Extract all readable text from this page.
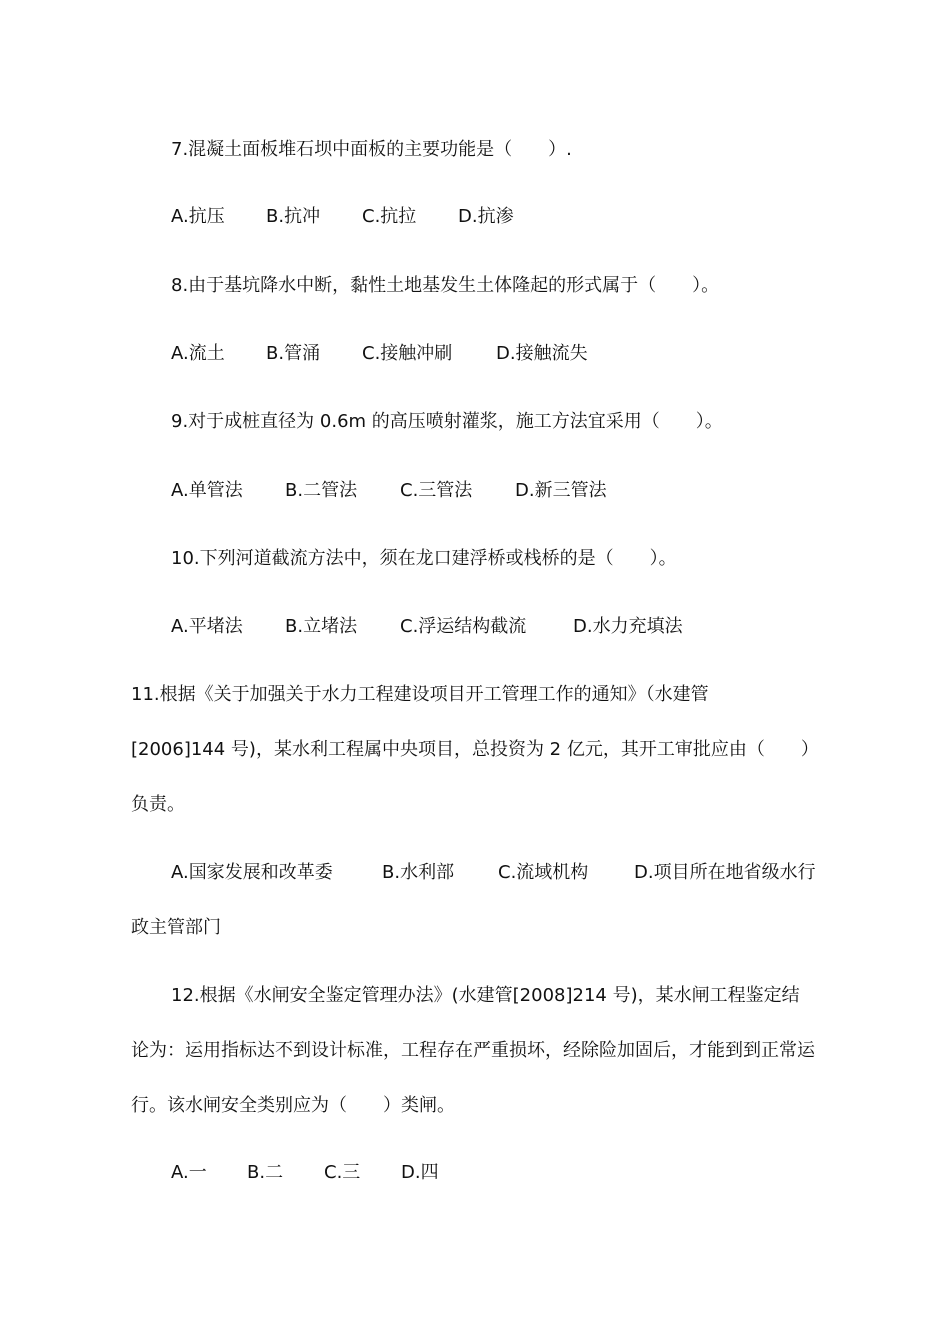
7.混凝土面板堆石坝中面板的主要功能是（　　）.
A.抗压 B.抗冲 C.抗拉 D.抗渗
8.由于基坑降水中断，黏性土地基发生土体隆起的形式属于（　　）。
A.流土 B.管涌 C.接触冲刷 D.接触流失
9.对于成桩直径为 0.6m 的高压喷射灌浆，施工方法宜采用（　　）。
A.单管法 B.二管法 C.三管法 D.新三管法
10.下列河道截流方法中，须在龙口建浮桥或栈桥的是（　　）。
A.平堵法 B.立堵法 C.浮运结构截流	D.水力充填法
11.根据《关于加强关于水力工程建设项目开工管理工作的通知》（水建管
[2006]144 号)，某水利工程属中央项目，总投资为 2 亿元，其开工审批应由（　　）
负责。
A.国家发展和改革委	B.水利部 C.流域机构	D.项目所在地省级水行
政主管部门
12.根据《水闸安全鉴定管理办法》(水建管[2008]214 号)，某水闸工程鉴定结
论为：运用指标达不到设计标准，工程存在严重损坏，经除险加固后，才能到到正常运
行。该水闸安全类别应为（　　）类闸。
A.一 B.二 C.三 D.四
